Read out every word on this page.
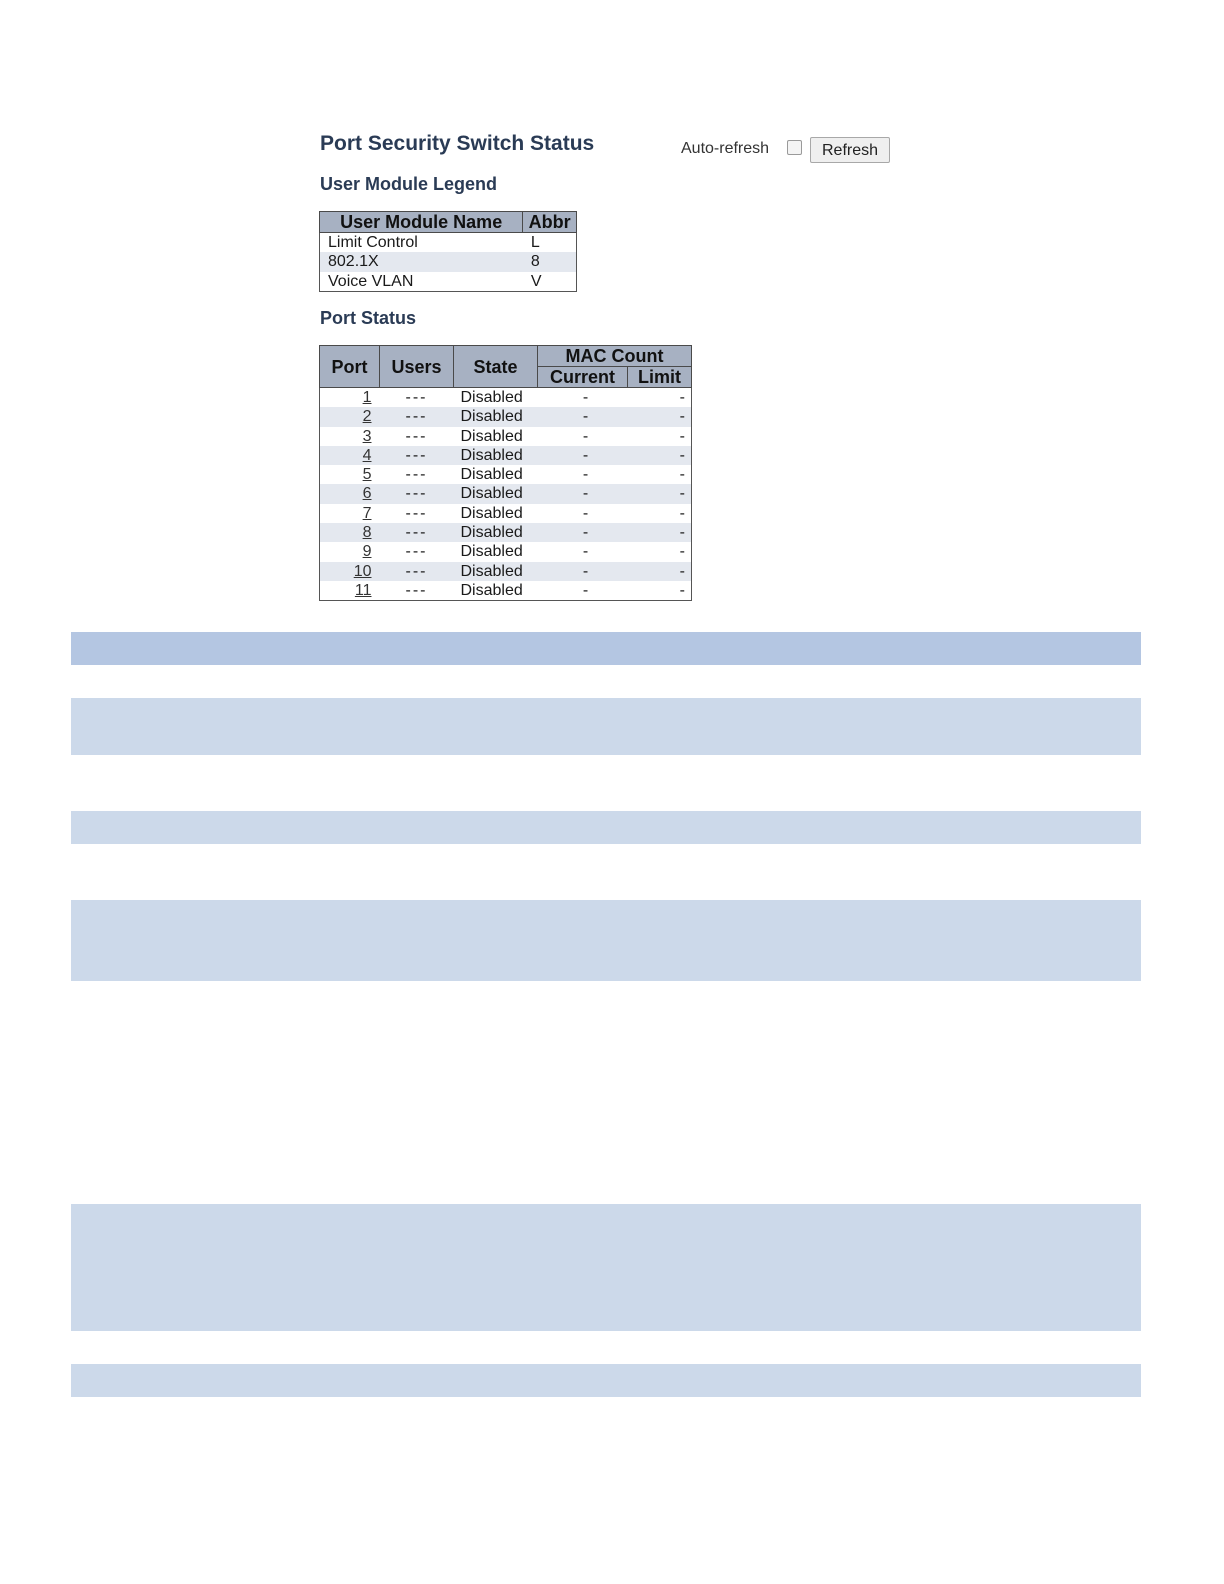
Port Security Switch Status	Auto-refresh	Refresh
User Module Legend
User Module Name	Abbr
Limit Control	L
802.1X	8
Voice VLAN	V
Port Status
Port	Users	State	MAC Count	
			Current	Limit
1	---	Disabled	-	-
2	---	Disabled	-	-
3	---	Disabled	-	-
4	---	Disabled	-	-
5	---	Disabled	-	-
6	---	Disabled	-	-
7	---	Disabled	-	-
8	---	Disabled	-	-
9	---	Disabled	-	-
10	---	Disabled	-	-
11	---	Disabled	-	-
